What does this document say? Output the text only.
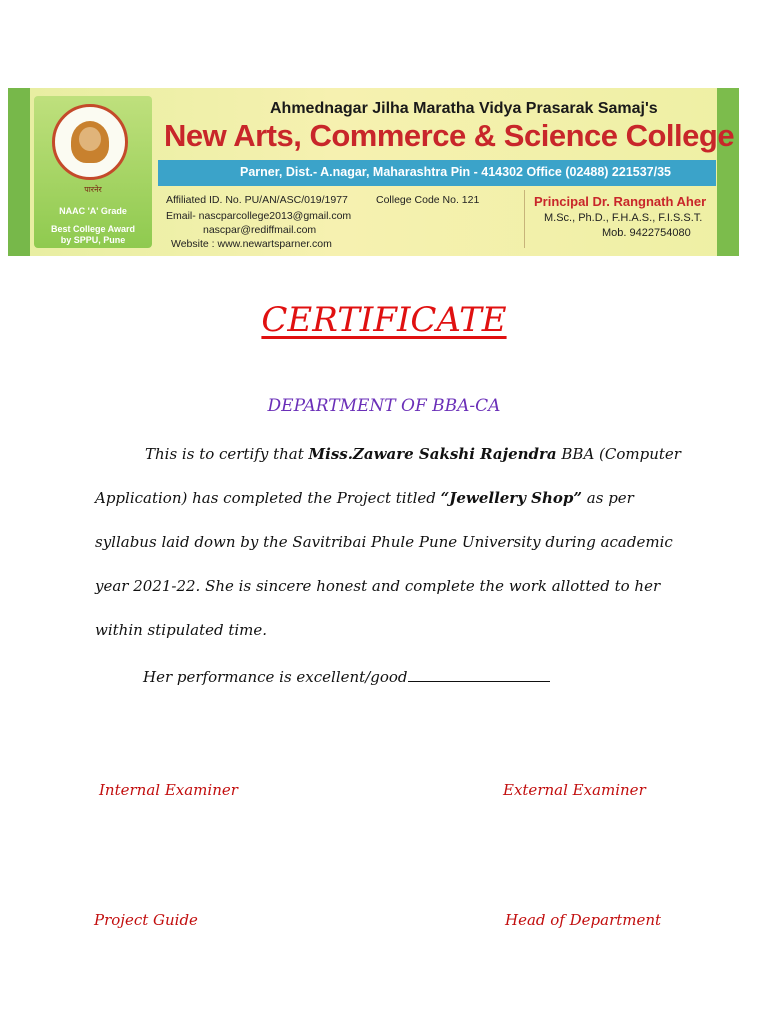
पारनेर
NAAC 'A' Grade
Best College Award
by SPPU, Pune
Ahmednagar Jilha Maratha Vidya Prasarak Samaj's
New Arts, Commerce & Science College
Parner, Dist.- A.nagar, Maharashtra Pin - 414302 Office (02488) 221537/35
Affiliated ID. No. PU/AN/ASC/019/1977	College Code No. 121
Email- nascparcollege2013@gmail.com
nascpar@rediffmail.com
Website : www.newartsparner.com
Principal Dr. Rangnath Aher
M.Sc., Ph.D., F.H.A.S., F.I.S.S.T.
Mob. 9422754080
CERTIFICATE
DEPARTMENT OF BBA-CA
This is to certify that Miss.Zaware Sakshi Rajendra BBA (Computer Application) has completed the Project titled “Jewellery Shop” as per syllabus laid down by the Savitribai Phule Pune University during academic year 2021-22. She is sincere honest and complete the work allotted to her within stipulated time.
Her performance is excellent/good
Internal Examiner	External Examiner
Project Guide	Head of Department
